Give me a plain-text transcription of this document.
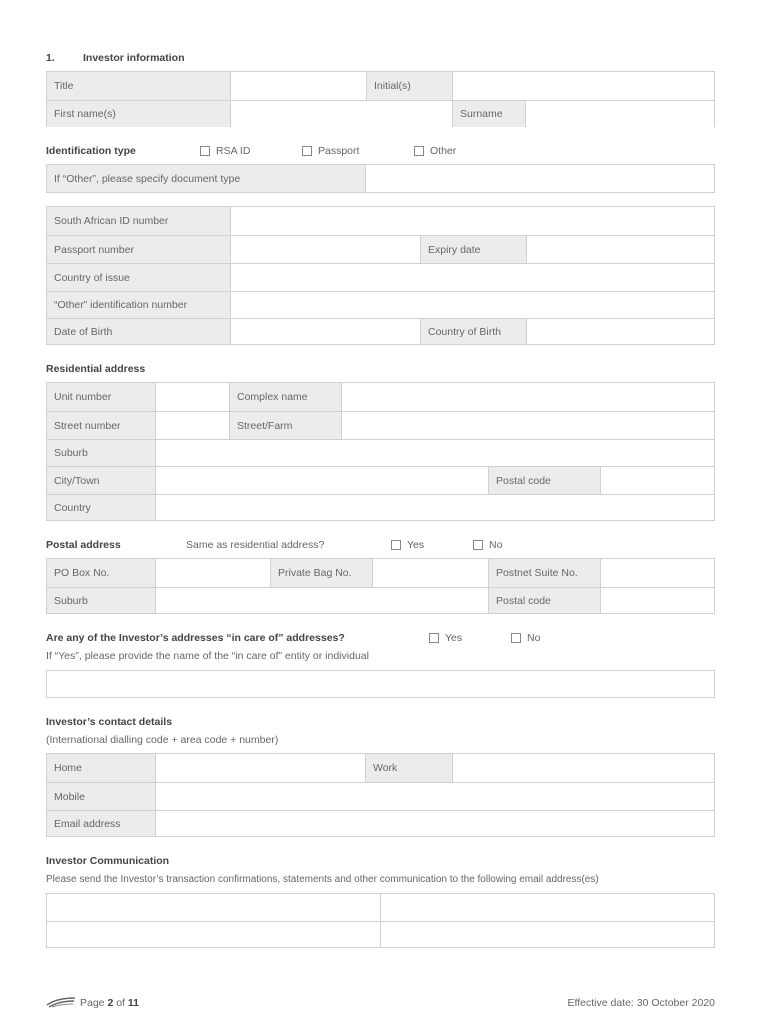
1.	Investor information
Title	Initial(s)
First name(s)	Surname
Identification type	RSA ID	Passport	Other
If “Other”, please specify document type
South African ID number
Passport number	Expiry date
Country of issue
“Other” identification number
Date of Birth	Country of Birth
Residential address
Unit number	Complex name
Street number	Street/Farm
Suburb
City/Town	Postal code
Country
Postal address	Same as residential address?	Yes	No
PO Box No.	Private Bag No.	Postnet Suite No.
Suburb	Postal code
Are any of the Investor’s addresses “in care of” addresses?	Yes	No
If “Yes”, please provide the name of the “in care of” entity or individual
Investor’s contact details
(International dialling code + area code + number)
Home	Work
Mobile
Email address
Investor Communication
Please send the Investor’s transaction confirmations, statements and other communication to the following email address(es)
Page 2 of 11	Effective date: 30 October 2020
